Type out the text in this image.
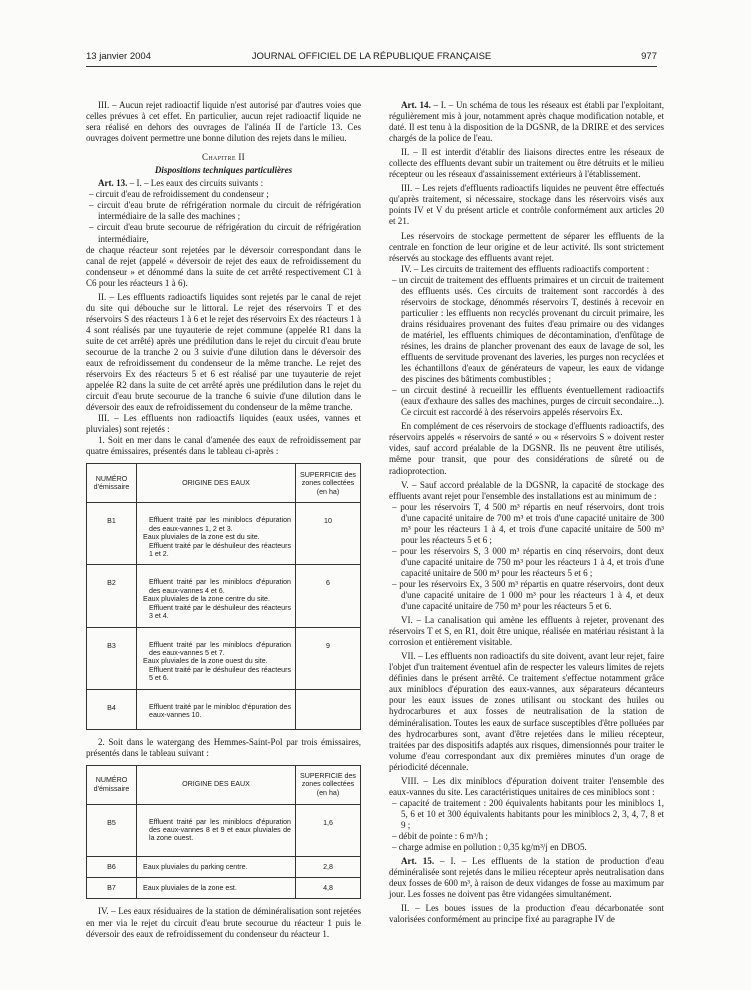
13 janvier 2004	JOURNAL OFFICIEL DE LA RÉPUBLIQUE FRANÇAISE	977

III. – Aucun rejet radioactif liquide n'est autorisé par d'autres voies que celles prévues à cet effet. En particulier, aucun rejet radioactif liquide ne sera réalisé en dehors des ouvrages de l'alinéa II de l'article 13. Ces ouvrages doivent permettre une bonne dilution des rejets dans le milieu.

Chapitre II

Dispositions techniques particulières

Art. 13. – I. – Les eaux des circuits suivants :

– circuit d'eau de refroidissement du condenseur ;

– circuit d'eau brute de réfrigération normale du circuit de réfrigération intermédiaire de la salle des machines ;

– circuit d'eau brute secourue de réfrigération du circuit de réfrigération intermédiaire,

de chaque réacteur sont rejetées par le déversoir correspondant dans le canal de rejet (appelé « déversoir de rejet des eaux de refroidissement du condenseur » et dénommé dans la suite de cet arrêté respectivement C1 à C6 pour les réacteurs 1 à 6).

II. – Les effluents radioactifs liquides sont rejetés par le canal de rejet du site qui débouche sur le littoral. Le rejet des réservoirs T et des réservoirs S des réacteurs 1 à 6 et le rejet des réservoirs Ex des réacteurs 1 à 4 sont réalisés par une tuyauterie de rejet commune (appelée R1 dans la suite de cet arrêté) après une prédilution dans le rejet du circuit d'eau brute secourue de la tranche 2 ou 3 suivie d'une dilution dans le déversoir des eaux de refroidissement du condenseur de la même tranche. Le rejet des réservoirs Ex des réacteurs 5 et 6 est réalisé par une tuyauterie de rejet appelée R2 dans la suite de cet arrêté après une prédilution dans le rejet du circuit d'eau brute secourue de la tranche 6 suivie d'une dilution dans le déversoir des eaux de refroidissement du condenseur de la même tranche.

III. – Les effluents non radioactifs liquides (eaux usées, vannes et pluviales) sont rejetés :

1. Soit en mer dans le canal d'amenée des eaux de refroidissement par quatre émissaires, présentés dans le tableau ci-après :

NUMÉRO d'émissaire	ORIGINE DES EAUX	SUPERFICIE des zones collectées (en ha)
B1	Effluent traité par les miniblocs d'épuration des eaux-vannes 1, 2 et 3.
Eaux pluviales de la zone est du site.
Effluent traité par le déshuileur des réacteurs 1 et 2.	10
B2	Effluent traité par les miniblocs d'épuration des eaux-vannes 4 et 6.
Eaux pluviales de la zone centre du site.
Effluent traité par le déshuileur des réacteurs 3 et 4.	6
B3	Effluent traité par les miniblocs d'épuration des eaux-vannes 5 et 7.
Eaux pluviales de la zone ouest du site.
Effluent traité par le déshuileur des réacteurs 5 et 6.	9
B4	Effluent traité par le minibloc d'épuration des eaux-vannes 10.	

2. Soit dans le watergang des Hemmes-Saint-Pol par trois émissaires, présentés dans le tableau suivant :

NUMÉRO d'émissaire	ORIGINE DES EAUX	SUPERFICIE des zones collectées (en ha)
B5	Effluent traité par les miniblocs d'épuration des eaux-vannes 8 et 9 et eaux pluviales de la zone ouest.	1,6
B6	Eaux pluviales du parking centre.	2,8
B7	Eaux pluviales de la zone est.	4,8

IV. – Les eaux résiduaires de la station de déminéralisation sont rejetées en mer via le rejet du circuit d'eau brute secourue du réacteur 1 puis le déversoir des eaux de refroidissement du condenseur du réacteur 1.

Art. 14. – I. – Un schéma de tous les réseaux est établi par l'exploitant, régulièrement mis à jour, notamment après chaque modification notable, et daté. Il est tenu à la disposition de la DGSNR, de la DRIRE et des services chargés de la police de l'eau.

II. – Il est interdit d'établir des liaisons directes entre les réseaux de collecte des effluents devant subir un traitement ou être détruits et le milieu récepteur ou les réseaux d'assainissement extérieurs à l'établissement.

III. – Les rejets d'effluents radioactifs liquides ne peuvent être effectués qu'après traitement, si nécessaire, stockage dans les réservoirs visés aux points IV et V du présent article et contrôle conformément aux articles 20 et 21.

Les réservoirs de stockage permettent de séparer les effluents de la centrale en fonction de leur origine et de leur activité. Ils sont strictement réservés au stockage des effluents avant rejet.

IV. – Les circuits de traitement des effluents radioactifs comportent :

– un circuit de traitement des effluents primaires et un circuit de traitement des effluents usés. Ces circuits de traitement sont raccordés à des réservoirs de stockage, dénommés réservoirs T, destinés à recevoir en particulier : les effluents non recyclés provenant du circuit primaire, les drains résiduaires provenant des fuites d'eau primaire ou des vidanges de matériel, les effluents chimiques de décontamination, d'enfûtage de résines, les drains de plancher provenant des eaux de lavage de sol, les effluents de servitude provenant des laveries, les purges non recyclées et les échantillons d'eaux de générateurs de vapeur, les eaux de vidange des piscines des bâtiments combustibles ;

– un circuit destiné à recueillir les effluents éventuellement radioactifs (eaux d'exhaure des salles des machines, purges de circuit secondaire...). Ce circuit est raccordé à des réservoirs appelés réservoirs Ex.

En complément de ces réservoirs de stockage d'effluents radioactifs, des réservoirs appelés « réservoirs de santé » ou « réservoirs S » doivent rester vides, sauf accord préalable de la DGSNR. Ils ne peuvent être utilisés, même pour transit, que pour des considérations de sûreté ou de radioprotection.

V. – Sauf accord préalable de la DGSNR, la capacité de stockage des effluents avant rejet pour l'ensemble des installations est au minimum de :

– pour les réservoirs T, 4 500 m³ répartis en neuf réservoirs, dont trois d'une capacité unitaire de 700 m³ et trois d'une capacité unitaire de 300 m³ pour les réacteurs 1 à 4, et trois d'une capacité unitaire de 500 m³ pour les réacteurs 5 et 6 ;

– pour les réservoirs S, 3 000 m³ répartis en cinq réservoirs, dont deux d'une capacité unitaire de 750 m³ pour les réacteurs 1 à 4, et trois d'une capacité unitaire de 500 m³ pour les réacteurs 5 et 6 ;

– pour les réservoirs Ex, 3 500 m³ répartis en quatre réservoirs, dont deux d'une capacité unitaire de 1 000 m³ pour les réacteurs 1 à 4, et deux d'une capacité unitaire de 750 m³ pour les réacteurs 5 et 6.

VI. – La canalisation qui amène les effluents à rejeter, provenant des réservoirs T et S, en R1, doit être unique, réalisée en matériau résistant à la corrosion et entièrement visitable.

VII. – Les effluents non radioactifs du site doivent, avant leur rejet, faire l'objet d'un traitement éventuel afin de respecter les valeurs limites de rejets définies dans le présent arrêté. Ce traitement s'effectue notamment grâce aux miniblocs d'épuration des eaux-vannes, aux séparateurs décanteurs pour les eaux issues de zones utilisant ou stockant des huiles ou hydrocarbures et aux fosses de neutralisation de la station de déminéralisation. Toutes les eaux de surface susceptibles d'être polluées par des hydrocarbures sont, avant d'être rejetées dans le milieu récepteur, traitées par des dispositifs adaptés aux risques, dimensionnés pour traiter le volume d'eau correspondant aux dix premières minutes d'un orage de périodicité décennale.

VIII. – Les dix miniblocs d'épuration doivent traiter l'ensemble des eaux-vannes du site. Les caractéristiques unitaires de ces miniblocs sont :

– capacité de traitement : 200 équivalents habitants pour les miniblocs 1, 5, 6 et 10 et 300 équivalents habitants pour les miniblocs 2, 3, 4, 7, 8 et 9 ;

– débit de pointe : 6 m³/h ;

– charge admise en pollution : 0,35 kg/m³/j en DBO5.

Art. 15. – I. – Les effluents de la station de production d'eau déminéralisée sont rejetés dans le milieu récepteur après neutralisation dans deux fosses de 600 m³, à raison de deux vidanges de fosse au maximum par jour. Les fosses ne doivent pas être vidangées simultanément.

II. – Les boues issues de la production d'eau décarbonatée sont valorisées conformément au principe fixé au paragraphe IV de
